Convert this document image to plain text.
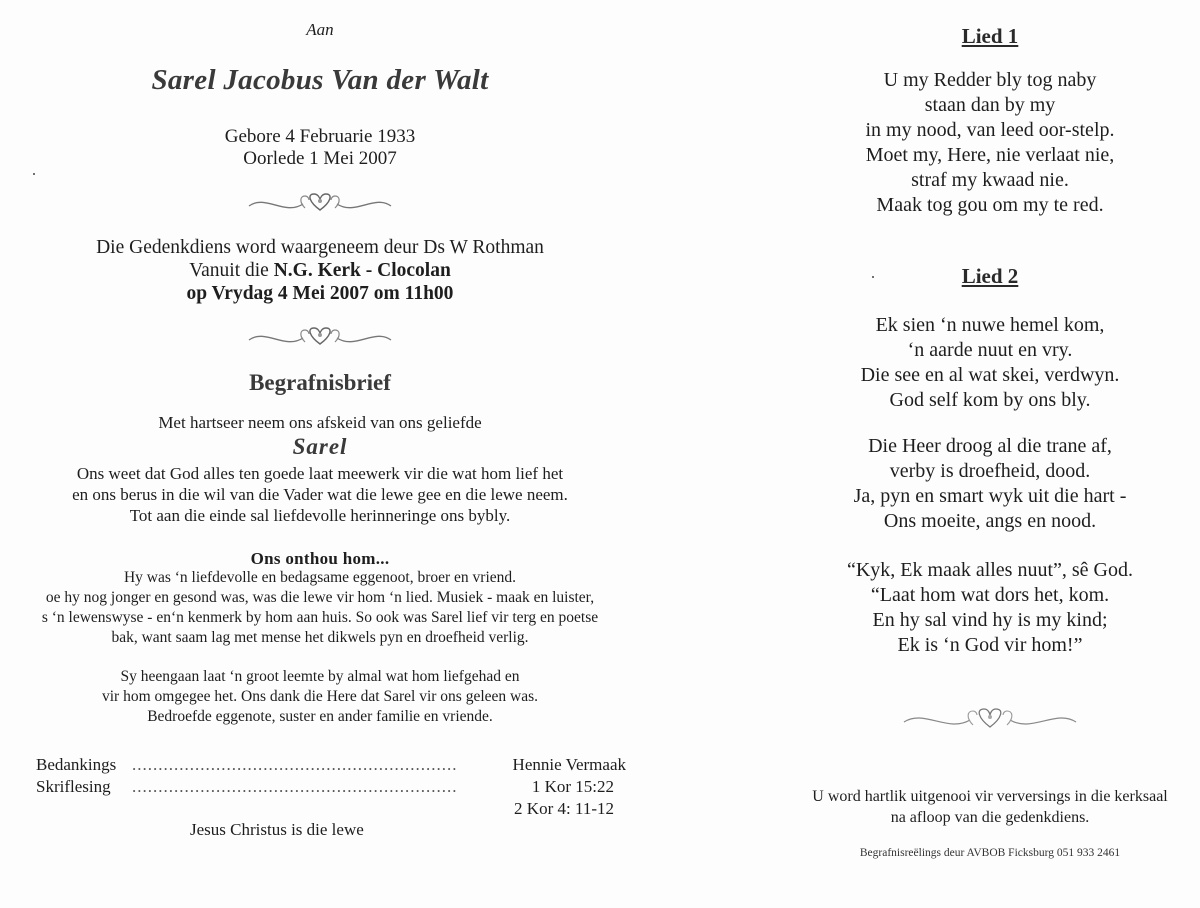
Aan
Sarel Jacobus Van der Walt
Gebore 4 Februarie 1933
Oorlede 1 Mei 2007
Die Gedenkdiens word waargeneem deur Ds W Rothman
Vanuit die N.G. Kerk - Clocolan
op Vrydag 4 Mei 2007 om 11h00
Begrafnisbrief
Met hartseer neem ons afskeid van ons geliefde
Sarel
Ons weet dat God alles ten goede laat meewerk vir die wat hom lief het
en ons berus in die wil van die Vader wat die lewe gee en die lewe neem.
Tot aan die einde sal liefdevolle herinneringe ons bybly.
Ons onthou hom...
Hy was ‘n liefdevolle en bedagsame eggenoot, broer en vriend.
oe hy nog jonger en gesond was, was die lewe vir hom ‘n lied. Musiek - maak en luister,
s ‘n lewenswyse - en‘n kenmerk by hom aan huis. So ook was Sarel lief vir terg en poetse
bak, want saam lag met mense het dikwels pyn en droefheid verlig.
Sy heengaan laat ‘n groot leemte by almal wat hom liefgehad en
vir hom omgegee het. Ons dank die Here dat Sarel vir ons geleen was.
Bedroefde eggenote, suster en ander familie en vriende.
Bedankings ..............................................................	Hennie Vermaak
Skriflesing ..............................................................	1 Kor 15:22
2 Kor 4: 11-12
Jesus Christus is die lewe
Lied 1
U my Redder bly tog naby
staan dan by my
in my nood, van leed oor-stelp.
Moet my, Here, nie verlaat nie,
straf my kwaad nie.
Maak tog gou om my te red.
Lied 2
Ek sien ‘n nuwe hemel kom,
‘n aarde nuut en vry.
Die see en al wat skei, verdwyn.
God self kom by ons bly.
Die Heer droog al die trane af,
verby is droefheid, dood.
Ja, pyn en smart wyk uit die hart -
Ons moeite, angs en nood.
“Kyk, Ek maak alles nuut”, sê God.
“Laat hom wat dors het, kom.
En hy sal vind hy is my kind;
Ek is ‘n God vir hom!”
U word hartlik uitgenooi vir verversings in die kerksaal
na afloop van die gedenkdiens.
Begrafnisreëlings deur AVBOB Ficksburg 051 933 2461
